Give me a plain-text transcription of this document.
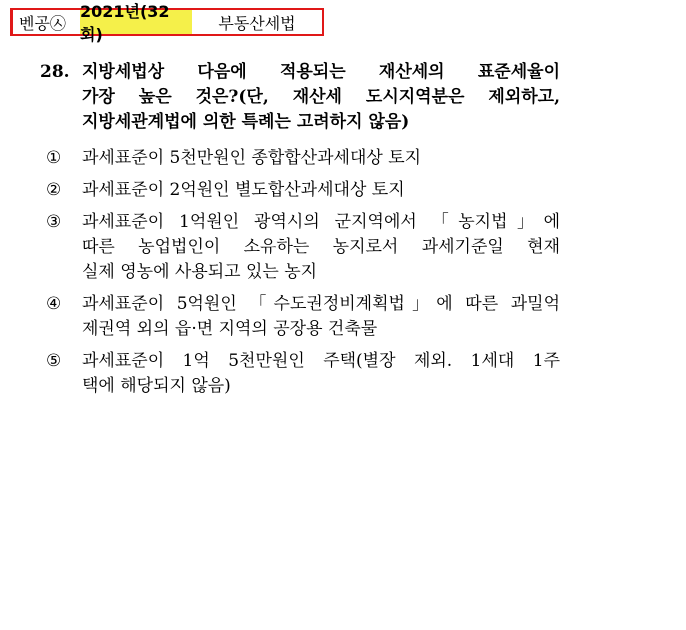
벤공㉦
2021년(32회)
부동산세법
28. 지방세법상 다음에 적용되는 재산세의 표준세율이
가장 높은 것은?(단, 재산세 도시지역분은 제외하고,
지방세관계법에 의한 특례는 고려하지 않음)
①	과세표준이 5천만원인 종합합산과세대상 토지
②	과세표준이 2억원인 별도합산과세대상 토지
③	과세표준이 1억원인 광역시의 군지역에서 「농지법」에
따른 농업법인이 소유하는 농지로서 과세기준일 현재
실제 영농에 사용되고 있는 농지
④	과세표준이 5억원인 「수도권정비계획법」에 따른 과밀억
제권역 외의 읍·면 지역의 공장용 건축물
⑤	과세표준이 1억 5천만원인 주택(별장 제외. 1세대 1주
택에 해당되지 않음)
